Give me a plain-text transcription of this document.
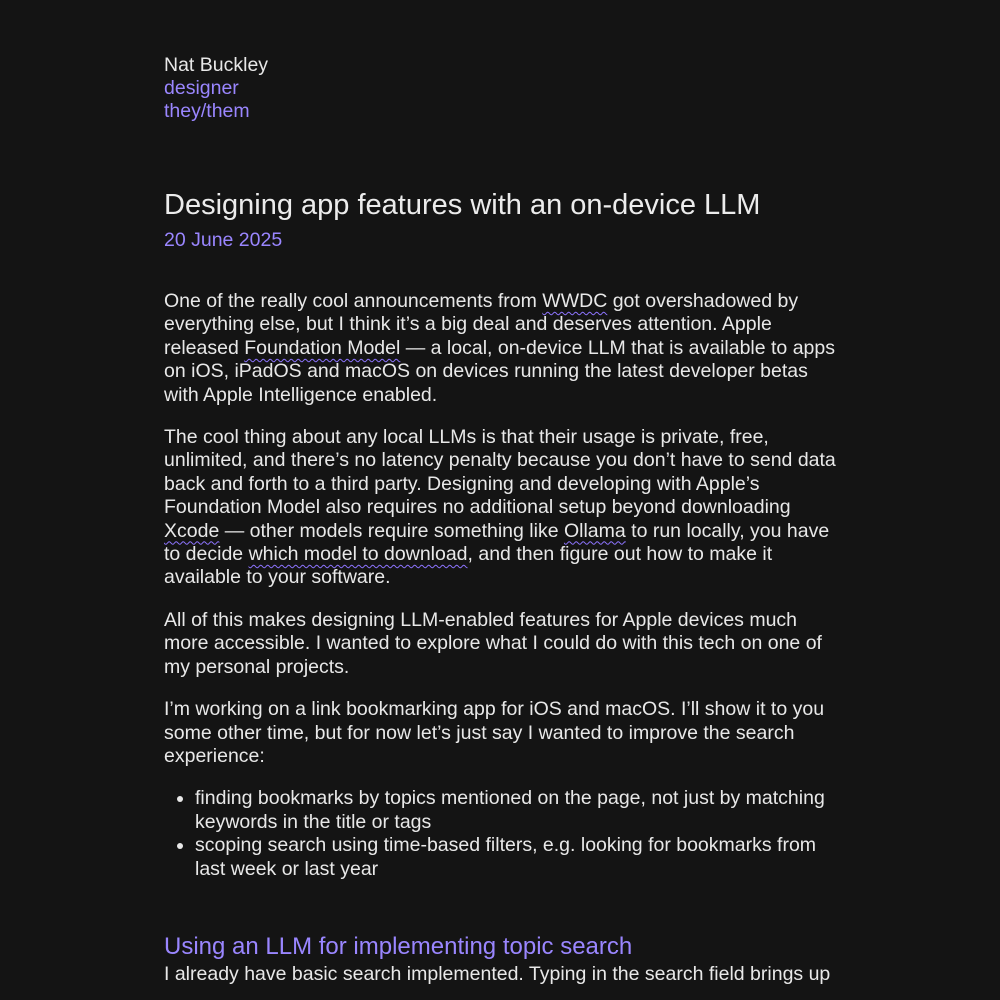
Nat Buckley
designer
they/them
Designing app features with an on-device LLM
20 June 2025

One of the really cool announcements from WWDC got overshadowed by everything else, but I think it’s a big deal and deserves attention. Apple released Foundation Model — a local, on-device LLM that is available to apps on iOS, iPadOS and macOS on devices running the latest developer betas with Apple Intelligence enabled.

The cool thing about any local LLMs is that their usage is private, free, unlimited, and there’s no latency penalty because you don’t have to send data back and forth to a third party. Designing and developing with Apple’s Foundation Model also requires no additional setup beyond downloading Xcode — other models require something like Ollama to run locally, you have to decide which model to download, and then figure out how to make it available to your software.

All of this makes designing LLM-enabled features for Apple devices much more accessible. I wanted to explore what I could do with this tech on one of my personal projects.

I’m working on a link bookmarking app for iOS and macOS. I’ll show it to you some other time, but for now let’s just say I wanted to improve the search experience:

• finding bookmarks by topics mentioned on the page, not just by matching keywords in the title or tags
• scoping search using time-based filters, e.g. looking for bookmarks from last week or last year
Using an LLM for implementing topic search

I already have basic search implemented. Typing in the search field brings up
